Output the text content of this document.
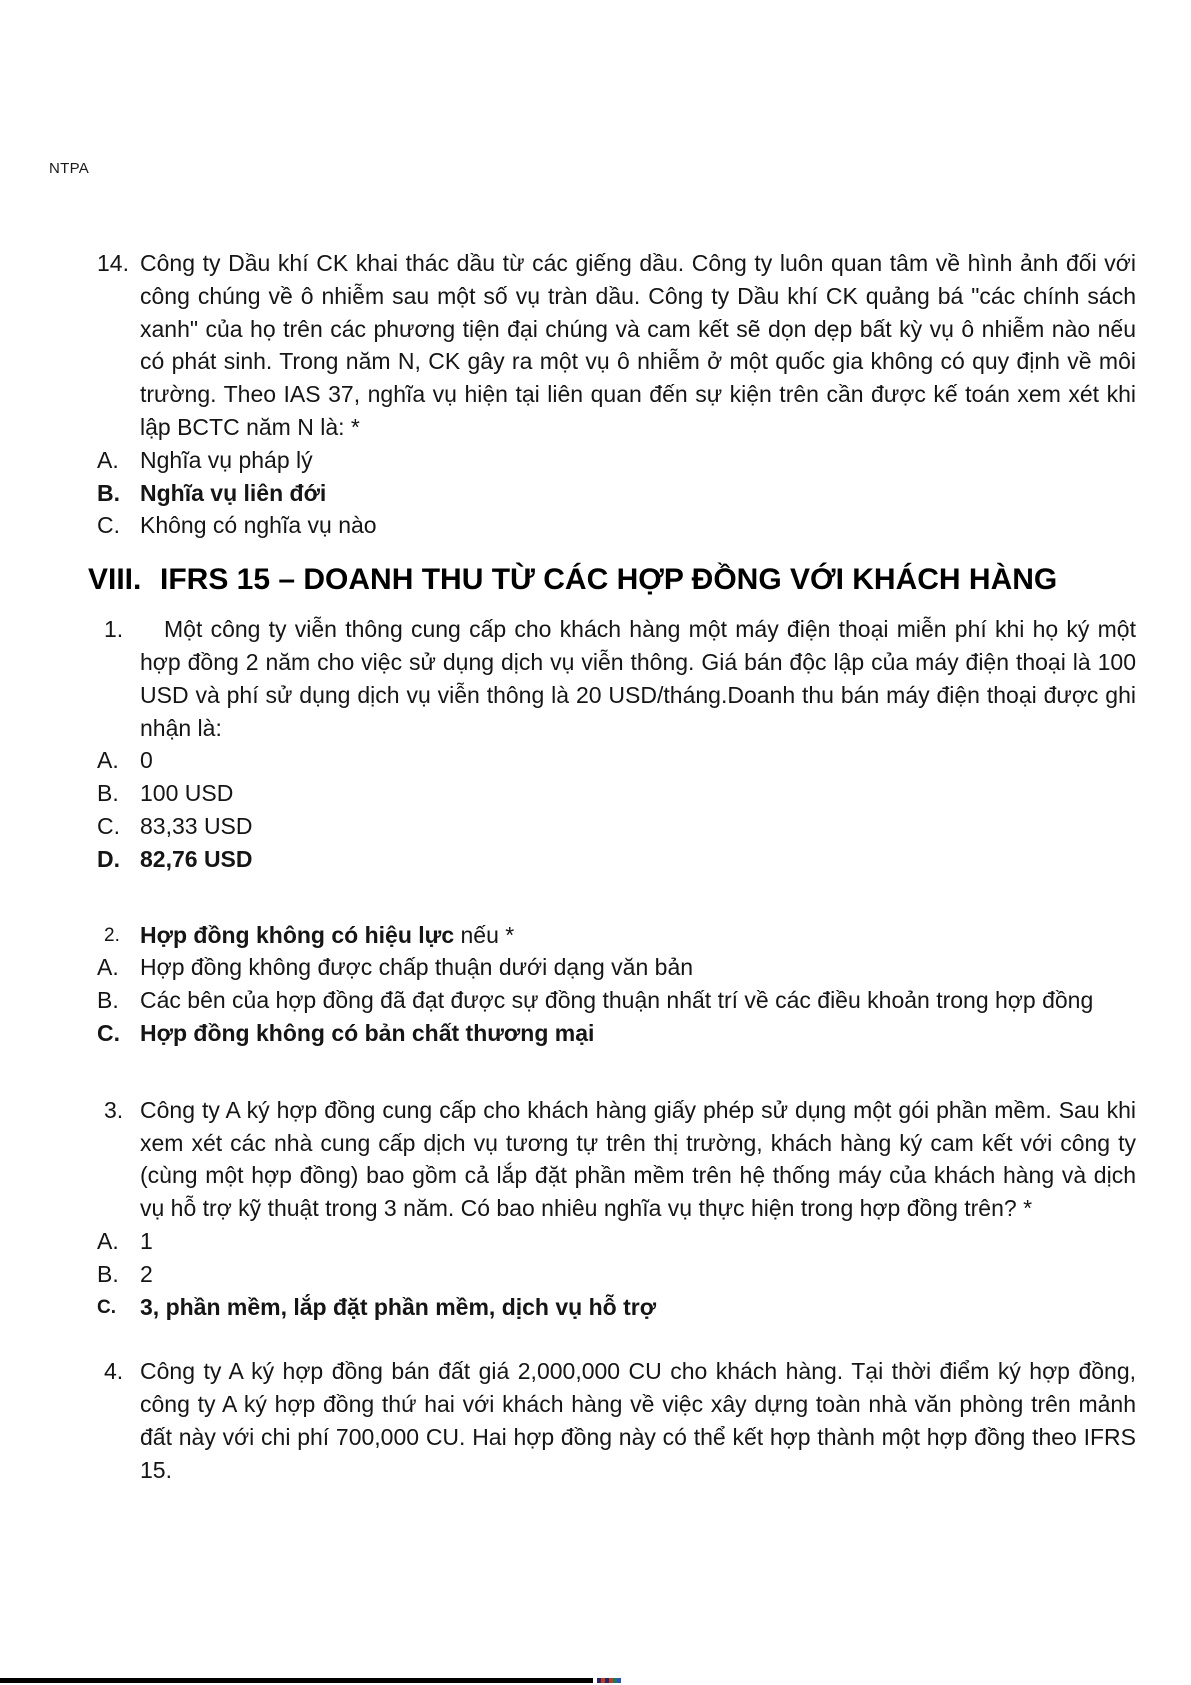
NTPA
14. Công ty Dầu khí CK khai thác dầu từ các giếng dầu. Công ty luôn quan tâm về hình ảnh đối với công chúng về ô nhiễm sau một số vụ tràn dầu. Công ty Dầu khí CK quảng bá "các chính sách xanh" của họ trên các phương tiện đại chúng và cam kết sẽ dọn dẹp bất kỳ vụ ô nhiễm nào nếu có phát sinh. Trong năm N, CK gây ra một vụ ô nhiễm ở một quốc gia không có quy định về môi trường. Theo IAS 37, nghĩa vụ hiện tại liên quan đến sự kiện trên cần được kế toán xem xét khi lập BCTC năm N là: *

A. Nghĩa vụ pháp lý

B. Nghĩa vụ liên đới

C. Không có nghĩa vụ nào

VIII. IFRS 15 – DOANH THU TỪ CÁC HỢP ĐỒNG VỚI KHÁCH HÀNG
1.	Một công ty viễn thông cung cấp cho khách hàng một máy điện thoại miễn phí khi họ ký một hợp đồng 2 năm cho việc sử dụng dịch vụ viễn thông. Giá bán độc lập của máy điện thoại là 100 USD và phí sử dụng dịch vụ viễn thông là 20 USD/tháng.Doanh thu bán máy điện thoại được ghi nhận là:

A. 0

B. 100 USD

C. 83,33 USD

D. 82,76 USD

2. Hợp đồng không có hiệu lực nếu *

A. Hợp đồng không được chấp thuận dưới dạng văn bản

B. Các bên của hợp đồng đã đạt được sự đồng thuận nhất trí về các điều khoản trong hợp đồng

C. Hợp đồng không có bản chất thương mại

3. Công ty A ký hợp đồng cung cấp cho khách hàng giấy phép sử dụng một gói phần mềm. Sau khi xem xét các nhà cung cấp dịch vụ tương tự trên thị trường, khách hàng ký cam kết với công ty (cùng một hợp đồng) bao gồm cả lắp đặt phần mềm trên hệ thống máy của khách hàng và dịch vụ hỗ trợ kỹ thuật trong 3 năm. Có bao nhiêu nghĩa vụ thực hiện trong hợp đồng trên? *

A. 1

B. 2

C.	3, phần mềm, lắp đặt phần mềm, dịch vụ hỗ trợ

4. Công ty A ký hợp đồng bán đất giá 2,000,000 CU cho khách hàng. Tại thời điểm ký hợp đồng, công ty A ký hợp đồng thứ hai với khách hàng về việc xây dựng toàn nhà văn phòng trên mảnh đất này với chi phí 700,000 CU. Hai hợp đồng này có thể kết hợp thành một hợp đồng theo IFRS 15.
